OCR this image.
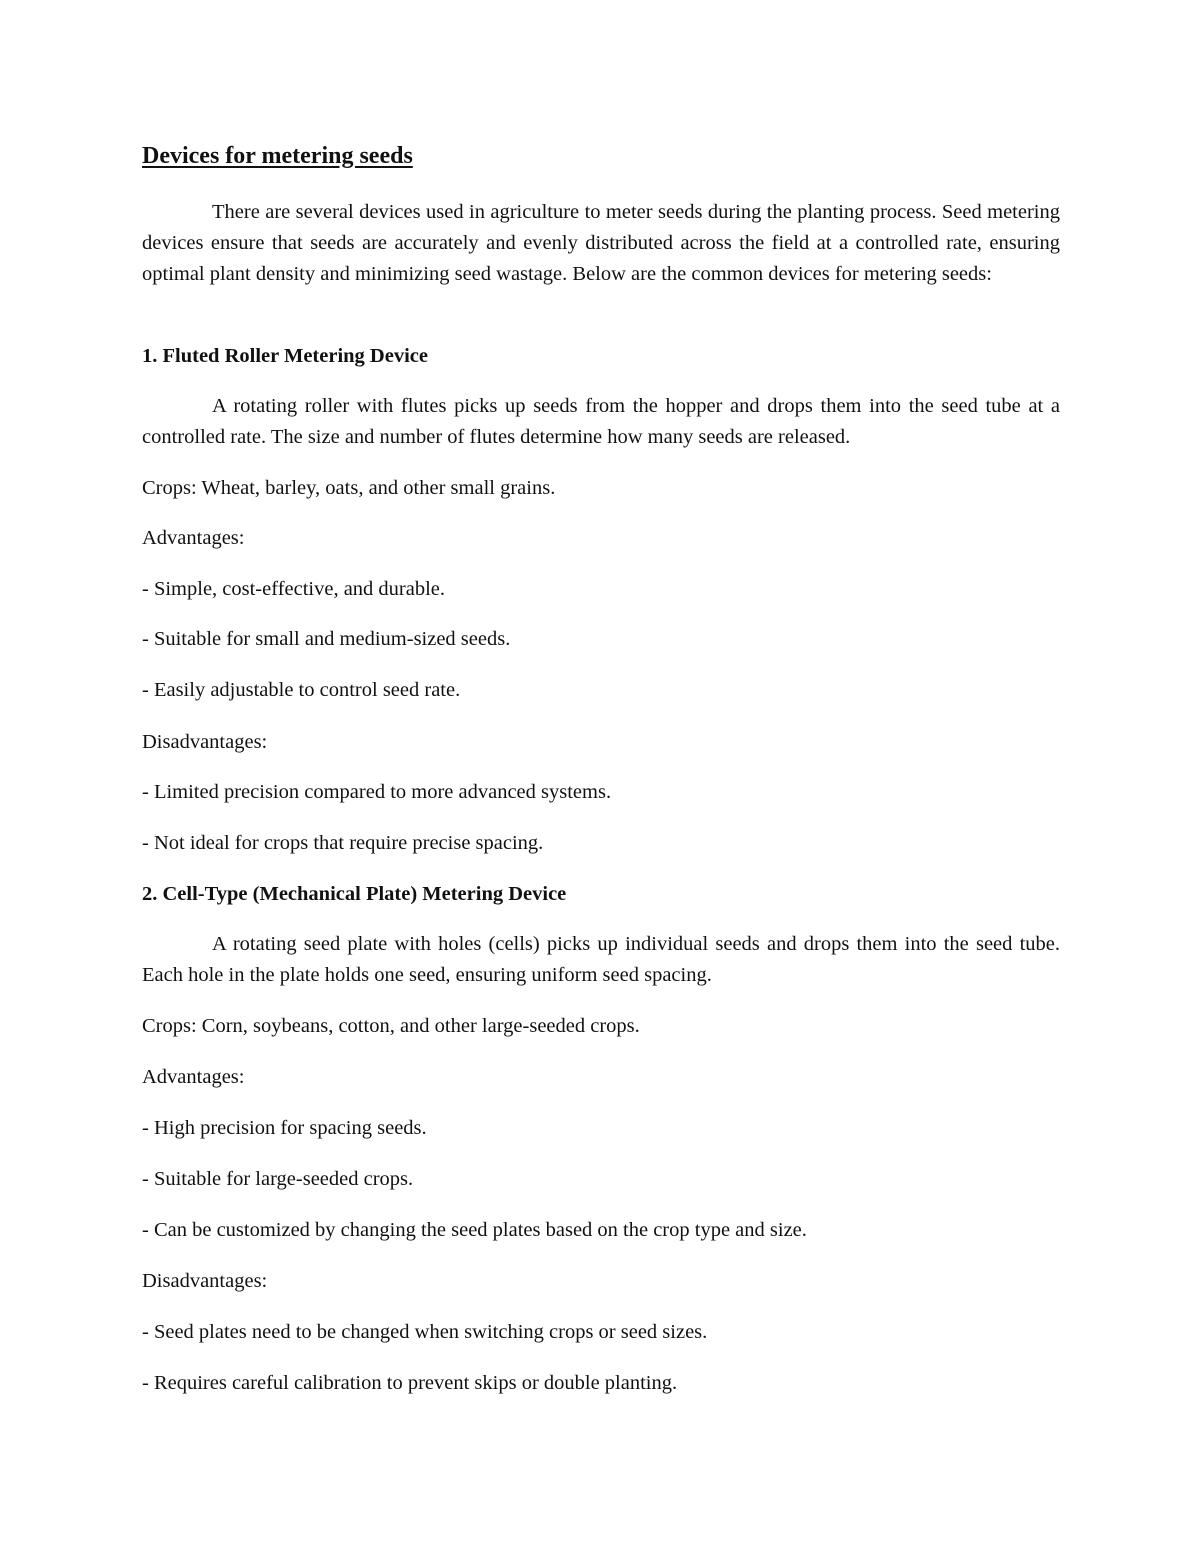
Devices for metering seeds

There are several devices used in agriculture to meter seeds during the planting process. Seed metering devices ensure that seeds are accurately and evenly distributed across the field at a controlled rate, ensuring optimal plant density and minimizing seed wastage. Below are the common devices for metering seeds:

1. Fluted Roller Metering Device

A rotating roller with flutes picks up seeds from the hopper and drops them into the seed tube at a controlled rate. The size and number of flutes determine how many seeds are released.

Crops: Wheat, barley, oats, and other small grains.

Advantages:

- Simple, cost-effective, and durable.

- Suitable for small and medium-sized seeds.

- Easily adjustable to control seed rate.

Disadvantages:

- Limited precision compared to more advanced systems.

- Not ideal for crops that require precise spacing.

2. Cell-Type (Mechanical Plate) Metering Device

A rotating seed plate with holes (cells) picks up individual seeds and drops them into the seed tube. Each hole in the plate holds one seed, ensuring uniform seed spacing.

Crops: Corn, soybeans, cotton, and other large-seeded crops.

Advantages:

- High precision for spacing seeds.

- Suitable for large-seeded crops.

- Can be customized by changing the seed plates based on the crop type and size.

Disadvantages:

- Seed plates need to be changed when switching crops or seed sizes.

- Requires careful calibration to prevent skips or double planting.
